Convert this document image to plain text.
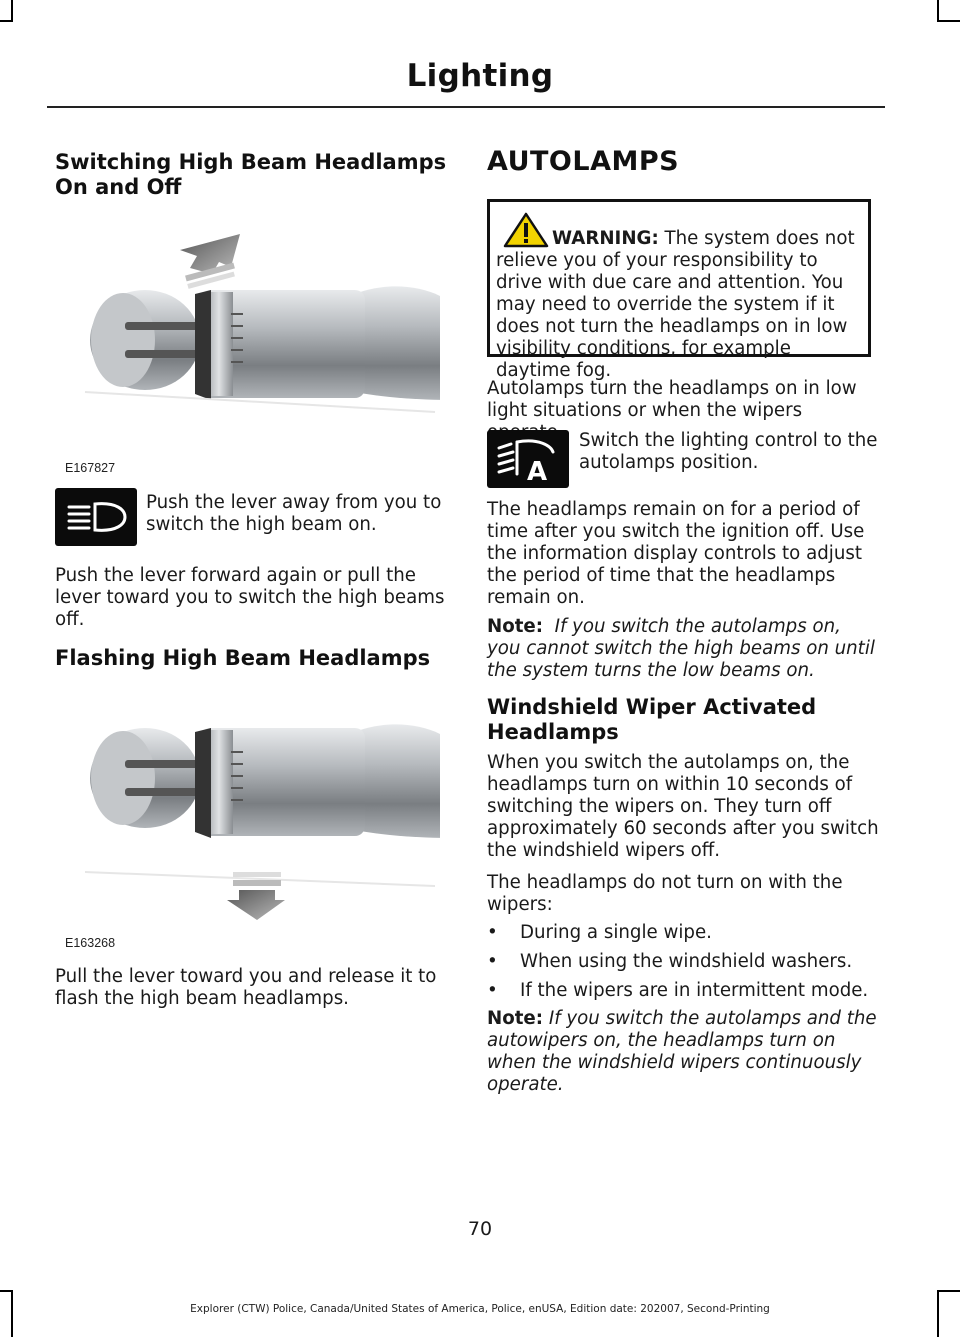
Lighting
Switching High Beam Headlamps On and Off
E167827

Push the lever away from you to switch the high beam on.

Push the lever forward again or pull the lever toward you to switch the high beams off.

Flashing High Beam Headlamps
E163268

Pull the lever toward you and release it to flash the high beam headlamps.

AUTOLAMPS

WARNING: The system does not relieve you of your responsibility to drive with due care and attention. You may need to override the system if it does not turn the headlamps on in low visibility conditions, for example daytime fog.

Autolamps turn the headlamps on in low light situations or when the wipers

A

Switch the lighting control to the autolamps position.

The headlamps remain on for a period of time after you switch the ignition off. Use the information display controls to adjust the period of time that the headlamps remain on.

Note: If you switch the autolamps on, you cannot switch the high beams on until the system turns the low beams on.

Windshield Wiper Activated Headlamps

When you switch the autolamps on, the headlamps turn on within 10 seconds of switching the wipers on. They turn off approximately 60 seconds after you switch the windshield wipers off.

The headlamps do not turn on with the wipers:

• During a single wipe.
• When using the windshield washers.
• If the wipers are in intermittent mode.

Note: If you switch the autolamps and the autowipers on, the headlamps turn on when the windshield wipers continuously operate.

70
Explorer (CTW) Police, Canada/United States of America, Police, enUSA, Edition date: 202007, Second-Printing
